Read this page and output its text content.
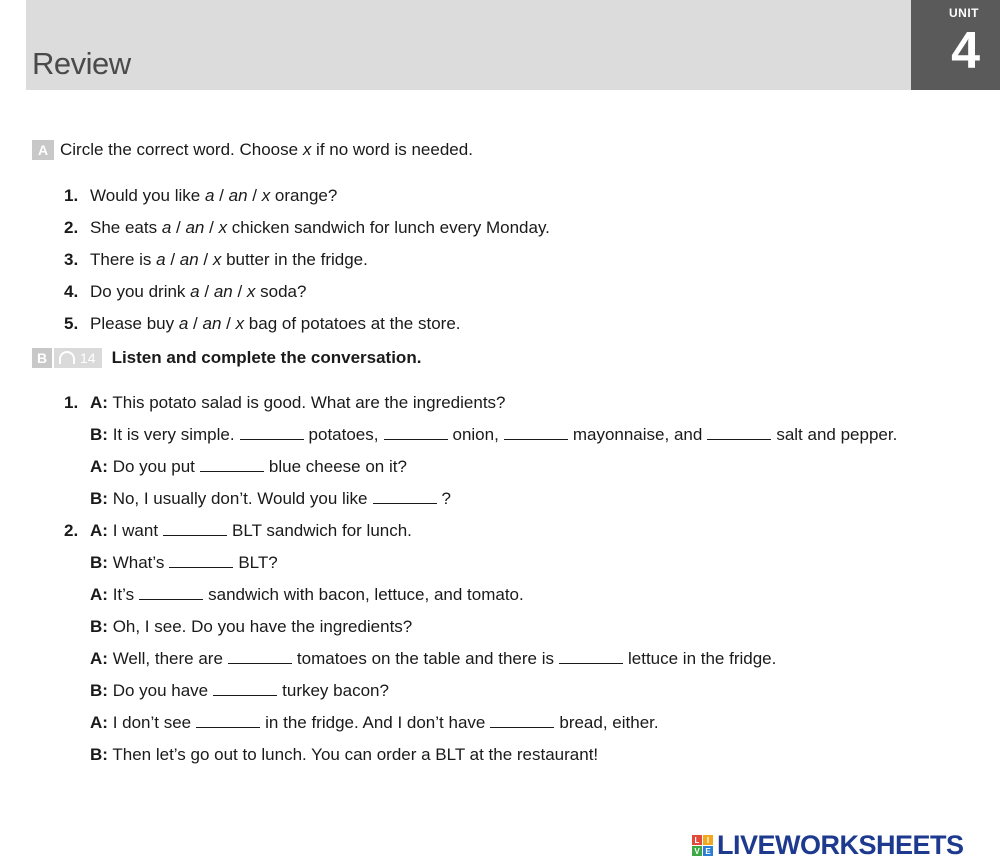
Review
UNIT
4
A Circle the correct word. Choose x if no word is needed.
1. Would you like a / an / x orange?
2. She eats a / an / x chicken sandwich for lunch every Monday.
3. There is a / an / x butter in the fridge.
4. Do you drink a / an / x soda?
5. Please buy a / an / x bag of potatoes at the store.
B	14 Listen and complete the conversation.
1.
2.
A: This potato salad is good. What are the ingredients?
B: It is very simple.	potatoes,	onion,	mayonnaise, and	salt and pepper.
A: Do you put	blue cheese on it?
B: No, I usually don’t. Would you like	?
A: I want	BLT sandwich for lunch.
B: What’s	BLT?
A: It’s	sandwich with bacon, lettuce, and tomato.
B: Oh, I see. Do you have the ingredients?
A: Well, there are	tomatoes on the table and there is	lettuce in the fridge.
B: Do you have	turkey bacon?
A: I don’t see	in the fridge. And I don’t have	bread, either.
B: Then let’s go out to lunch. You can order a BLT at the restaurant!
L I
V E LIVEWORKSHEETS
